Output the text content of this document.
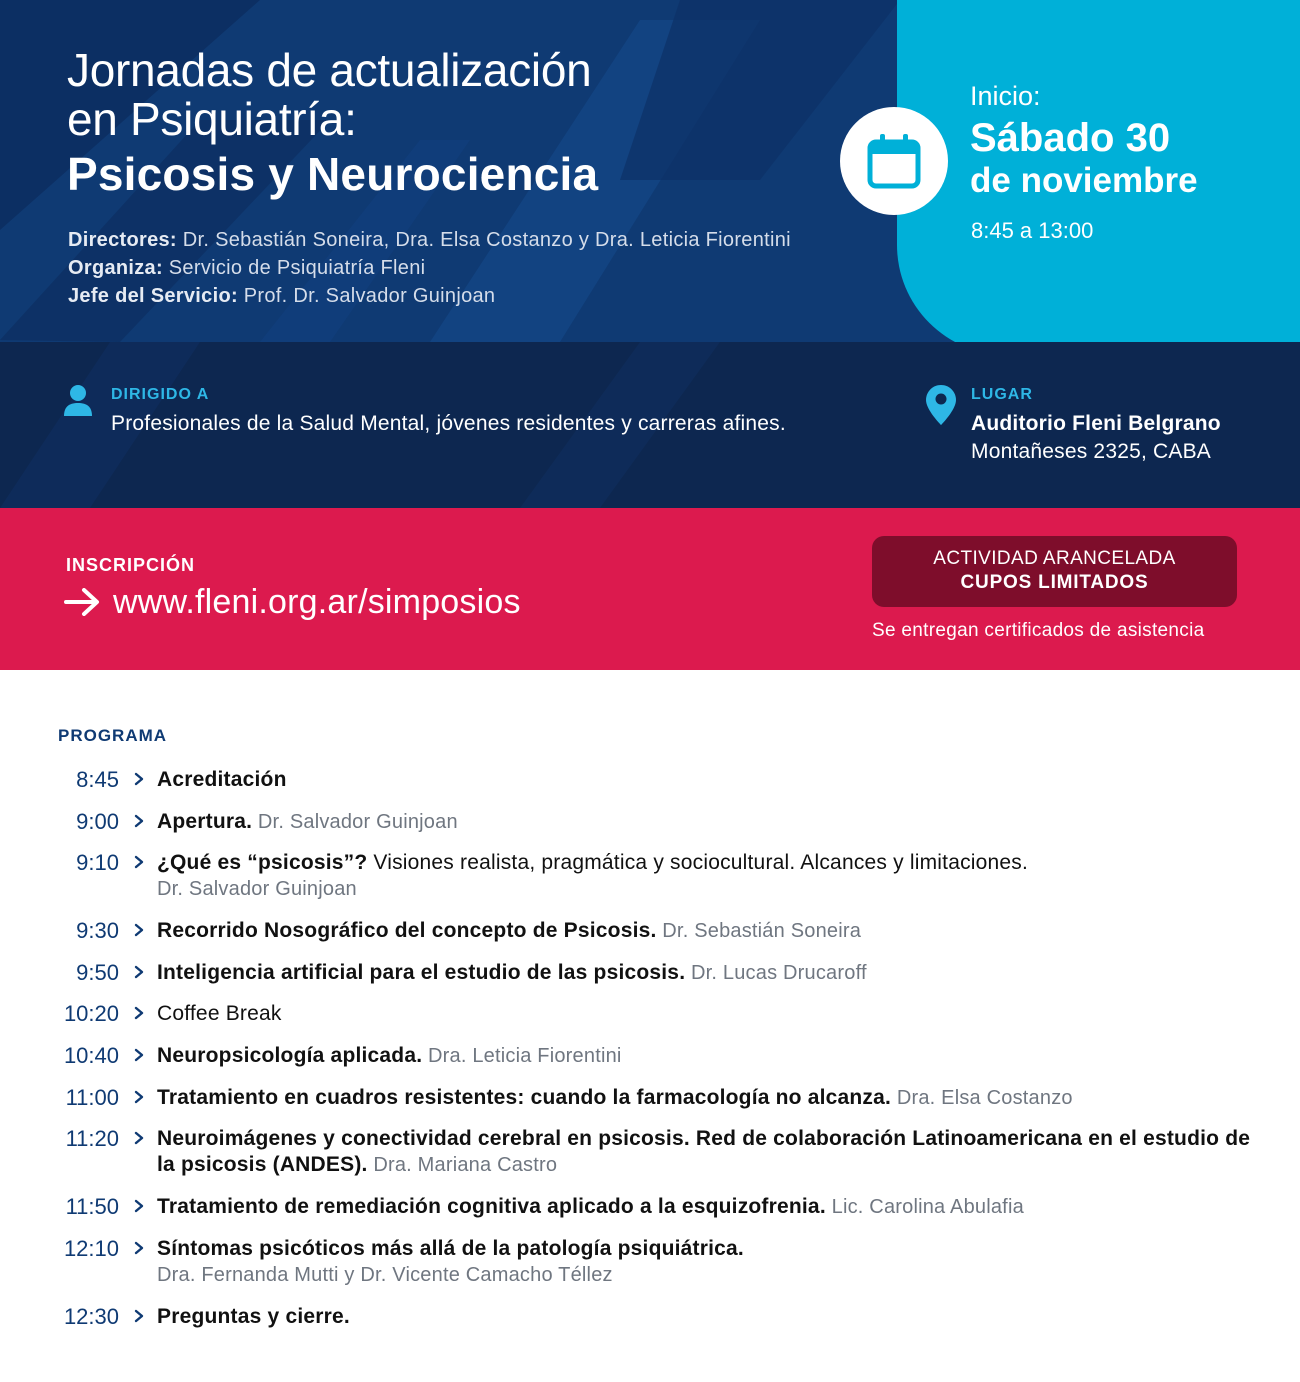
Jornadas de actualización
en Psiquiatría:
Psicosis y Neurociencia
Directores: Dr. Sebastián Soneira, Dra. Elsa Costanzo y Dra. Leticia Fiorentini
Organiza: Servicio de Psiquiatría Fleni
Jefe del Servicio: Prof. Dr. Salvador Guinjoan
Inicio:
Sábado 30
de noviembre
8:45 a 13:00
DIRIGIDO A
Profesionales de la Salud Mental, jóvenes residentes y carreras afines.
LUGAR
Auditorio Fleni Belgrano
Montañeses 2325, CABA
INSCRIPCIÓN
www.fleni.org.ar/simposios
ACTIVIDAD ARANCELADA
CUPOS LIMITADOS
Se entregan certificados de asistencia
PROGRAMA
8:45 Acreditación
9:00 Apertura. Dr. Salvador Guinjoan
9:10 ¿Qué es “psicosis”? Visiones realista, pragmática y sociocultural. Alcances y limitaciones.
Dr. Salvador Guinjoan
9:30 Recorrido Nosográfico del concepto de Psicosis. Dr. Sebastián Soneira
9:50 Inteligencia artificial para el estudio de las psicosis. Dr. Lucas Drucaroff
10:20 Coffee Break
10:40 Neuropsicología aplicada. Dra. Leticia Fiorentini
11:00 Tratamiento en cuadros resistentes: cuando la farmacología no alcanza. Dra. Elsa Costanzo
11:20 Neuroimágenes y conectividad cerebral en psicosis. Red de colaboración Latinoamericana en el estudio de la psicosis (ANDES). Dra. Mariana Castro
11:50 Tratamiento de remediación cognitiva aplicado a la esquizofrenia. Lic. Carolina Abulafia
12:10 Síntomas psicóticos más allá de la patología psiquiátrica.
Dra. Fernanda Mutti y Dr. Vicente Camacho Téllez
12:30 Preguntas y cierre.
